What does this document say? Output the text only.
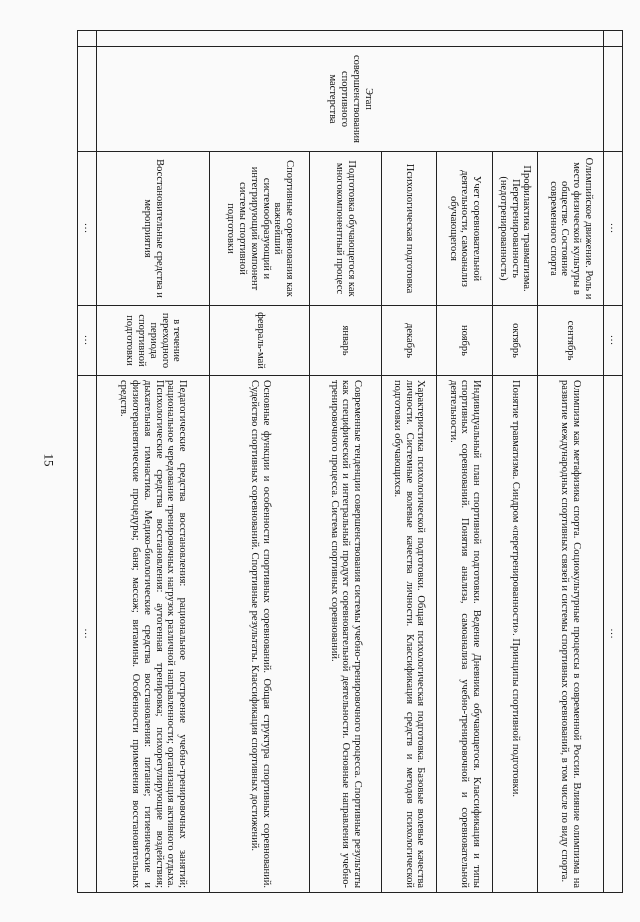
15
		…	…	…
	Этап совершенствования спортивного мастерства	Олимпийское движение. Роль и место физической культуры в обществе. Состояние современного спорта	сентябрь	Олимпизм как метафизика спорта. Социокультурные процессы в современной России. Влияние олимпизма на развитие международных спортивных связей и системы спортивных соревнований, в том числе по виду спорта.
		Профилактика травматизма. Перетренированность (недотренированность)	октябрь	Понятие травматизма. Синдром «перетренированности». Принципы спортивной подготовки.
		Учет соревновательной деятельности, самоанализ обучающегося	ноябрь	Индивидуальный план спортивной подготовки. Ведение Дневника обучающегося. Классификация и типы спортивных соревнований. Понятия анализа, самоанализа учебно-тренировочной и соревновательной деятельности.
		Психологическая подготовка	декабрь	Характеристика психологической подготовки. Общая психологическая подготовка. Базовые волевые качества личности. Системные волевые качества личности. Классификация средств и методов психологической подготовки обучающихся.
		Подготовка обучающегося как многокомпонентный процесс	январь	Современные тенденции совершенствования системы учебно-тренировочного процесса. Спортивные результаты как специфический и интегральный продукт соревновательной деятельности. Основные направления учебно-тренировочного процесса. Система спортивных соревнований.
		Спортивные соревнования как важнейший системообразующий и интегрирующий компонент системы спортивной подготовки	февраль-май	Основные функции и особенности спортивных соревнований. Общая структура спортивных соревнований. Судейство спортивных соревнований. Спортивные результаты. Классификация спортивных достижений.
		Восстановительные средства и мероприятия	в течение переходного периода спортивной подготовки	Педагогические средства восстановления: рациональное построение учебно-тренировочных занятий; рациональное чередование тренировочных нагрузок различной направленности; организация активного отдыха. Психологические средства восстановления: аутогенная тренировка; психорегулирующие воздействия; дыхательная гимнастика. Медико-биологические средства восстановления: питание; гигиенические и физиотерапевтические процедуры; баня; массаж; витамины. Особенности применения восстановительных средств.
		…	…	…
